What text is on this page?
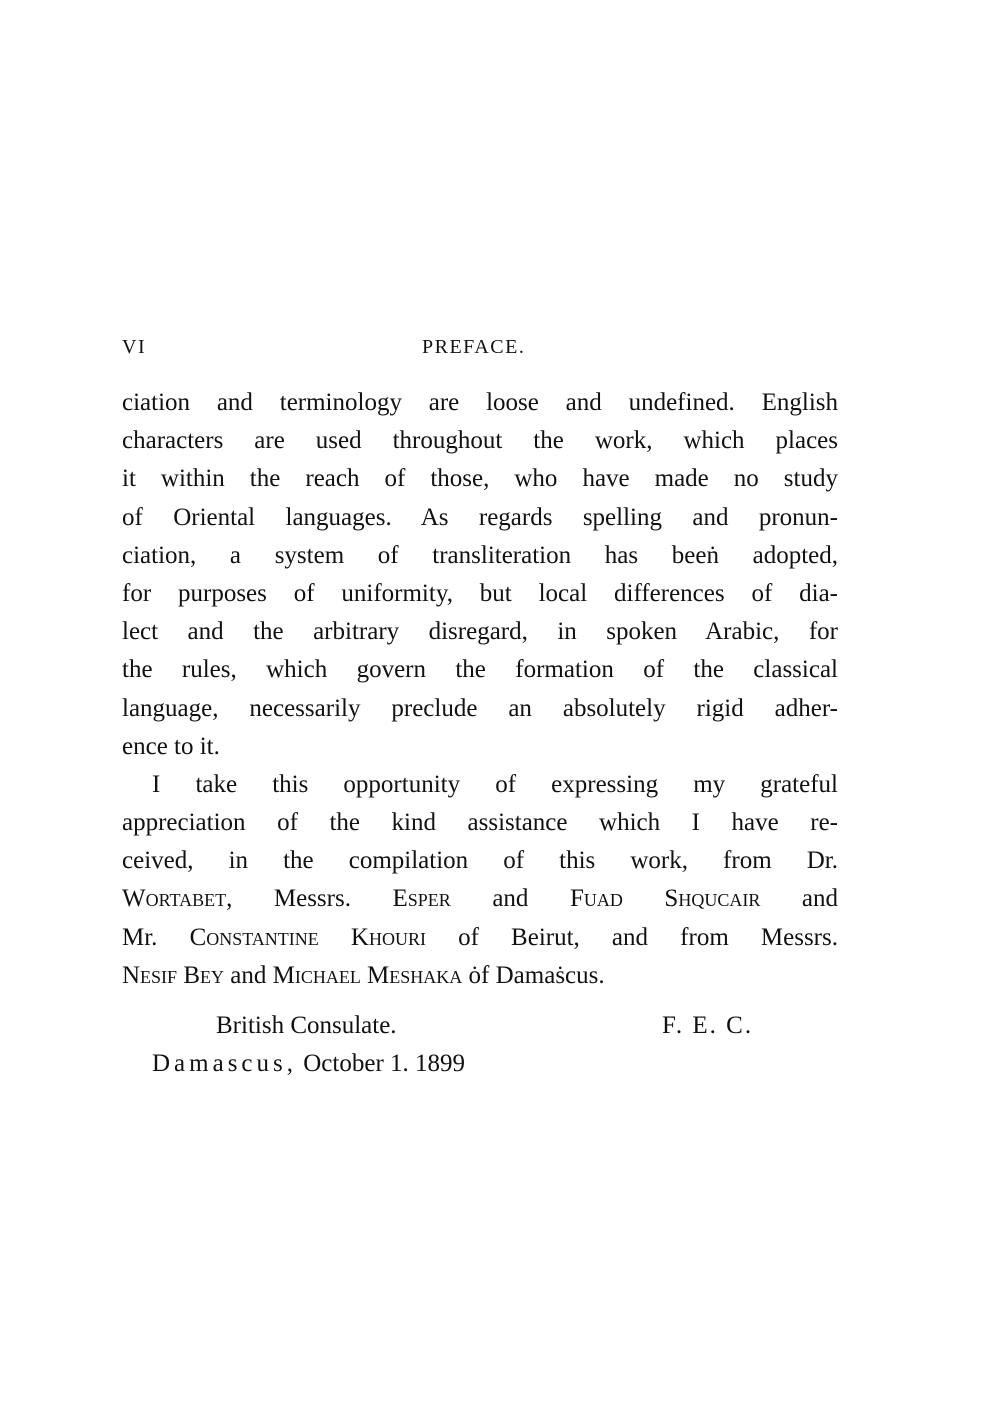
VI	PREFACE.
ciation and terminology are loose and undefined. English
characters are used throughout the work, which places
it within the reach of those, who have made no study
of Oriental languages. As regards spelling and pronun-
ciation, a system of transliteration has beeṅ adopted,
for purposes of uniformity, but local differences of dia-
lect and the arbitrary disregard, in spoken Arabic, for
the rules, which govern the formation of the classical
language, necessarily preclude an absolutely rigid adher-
ence to it.
I take this opportunity of expressing my grateful
appreciation of the kind assistance which I have re-
ceived, in the compilation of this work, from Dr.
Wortabet, Messrs. Esper and Fuad Shqucair and
Mr. Constantine Khouri of Beirut, and from Messrs.
Nesif Bey and Michael Meshaka ȯf Damaṡcus.
British Consulate.	F. E. C.
Damascus, October 1. 1899
